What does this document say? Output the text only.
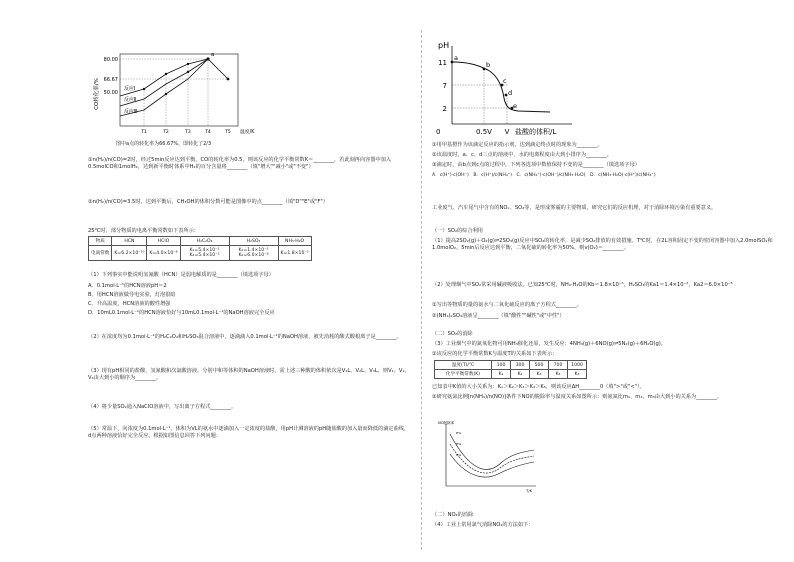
CO转化率/%
80.00
66.67
50.00
a
反应Ⅰ
反应Ⅱ
反应Ⅲ
T1	T2	T3	T4	T5 温度/K
图中a点的转化率为66.67%，即转化了2/3
①n(H₂)/n(CO)=2时，经过5min反应达到平衡，CO的转化率为0.5，则该反应的化学平衡常数K＝________，若此刻再向容器中加入0.5molCO和1molH₂，达到新平衡时体系中H₂的百分含量将________（填"增大""减小"或"不变"）
②n(H₂)/n(CO)=3.5时，达到平衡后，CH₃OH的体积分数可能是图像中的点________（填"D""E"或"F"）
25℃时，部分物质的电离平衡常数如下表所示：
物质	HCN	HClO	H₂C₂O₄	H₂SO₃	NH₃·H₂O
电离常数	K=6.2×10⁻¹⁰	K=4.0×10⁻⁸	K₁=5.4×10⁻² K₂=5.4×10⁻⁵	K₁=1.4×10⁻² K₂=6.0×10⁻⁸	K=1.8×10⁻⁵
（1）下列事实中能说明氢氰酸（HCN）是弱电解质的是________（填选项字母）
A．0.1mol·L⁻¹的HCN溶液pH＝2
B．用HCN溶液做导电实验，灯泡很暗
C．升高温度，HCN溶液的酸性增强
D．10mL0.1mol·L⁻¹的HCN溶液恰好与10mL0.1mol·L⁻¹的NaOH溶液完全反应
（2）在浓度均为0.1mol·L⁻¹的H₂C₂O₄和H₂SO₃混合溶液中，逐滴滴入0.1mol·L⁻¹的NaOH溶液，被先消耗的酸式酸根离子是________。
（3）现有pH相同的盐酸、氢氰酸和次氯酸溶液，分别中和等体积的NaOH溶液时，需上述三种酸的体积依次是V₁L、V₂L、V₃L，则V₁、V₂、V₃由大到小的顺序为________。
（4）将少量SO₂通入NaClO溶液中，写出离子方程式________。
（5）常温下，向浓度为0.1mol·L⁻¹、体积为VL的氨水中逐滴加入一定浓度的盐酸，用pH计测溶液的pH随盐酸的加入量而降低的滴定曲线，d点两种溶液恰好完全反应。根据如图信息回答下列问题：
pH
11
7
2
a
b
c
d
e
0	0.5V V 盐酸的体积/L
①用甲基橙作为该滴定反应的指示剂，达到滴定终点时的现象为________。
②该温度时，a、c、d三点的溶液中，水的电离程度由大到小排序为________。
③滴定时，由b点到c点的过程中，下列各选项中数值保持不变的是________（填选项字母）
A．c(H⁺)·c(OH⁻)　B．c(H⁺)/c(NH₄⁺)　C．c(NH₄⁺)·c(OH⁻)/c(NH₃·H₂O)　D．c(NH₃·H₂O)·c(H⁺)/c(NH₄⁺)
工业废气、汽车尾气中含有的NOₓ、SO₂等，是形成雾霾的主要物质，研究它们的反应机理，对于消除环境污染有重要意义。
（一）SO₂的综合利用
（1）提高2SO₂(g)＋O₂(g)⇌2SO₃(g)反应中SO₂的转化率，是减少SO₂排放的有效措施。T℃时，在2L容积固定不变的密闭容器中加入2.0molSO₂和1.0molO₂，5min后反应达到平衡，二氧化硫的转化率为50%，则v(O₂)＝________。
（2）处理烟气中SO₂常采用碱液吸收法。已知25℃时，NH₃·H₂O的Kb＝1.8×10⁻⁵，H₂SO₃的Ka1＝1.4×10⁻²，Ka2＝6.0×10⁻⁸
①写出等物质的量的氨水与二氧化硫反应的离子方程式________。
②(NH₄)₂SO₃溶液呈________（填"酸性""碱性"或"中性"）
（二）SO₂的消除
（3）工业烟气中的氮氧化物可用NH₃催化还原，发生反应：4NH₃(g)＋6NO(g)⇌5N₂(g)＋6H₂O(g)。
①该反应的化学平衡常数K与温度T的关系如下表所示：
温度(T)/℃	100	300	500	700	1000
化学平衡常数(K)	K₁	K₂	K₃	K₄	K₅
已知表中K值的大小关系为：K₁＞K₂＞K₃＞K₄＞K₅，则该反应ΔH________0（填">"或"<"）。
②研究氨氮比例[n(NH₃)/n(NO)]条件下NO的脱除率与温度关系如图所示：则氨氮比m₁、m₂、m₃由大到小的关系为________。
NO脱除率
T/K
m₁
m₂
m₃
（二）NO₂的消除
（4）工业上常用氯气消除NO₂的方法如下：
